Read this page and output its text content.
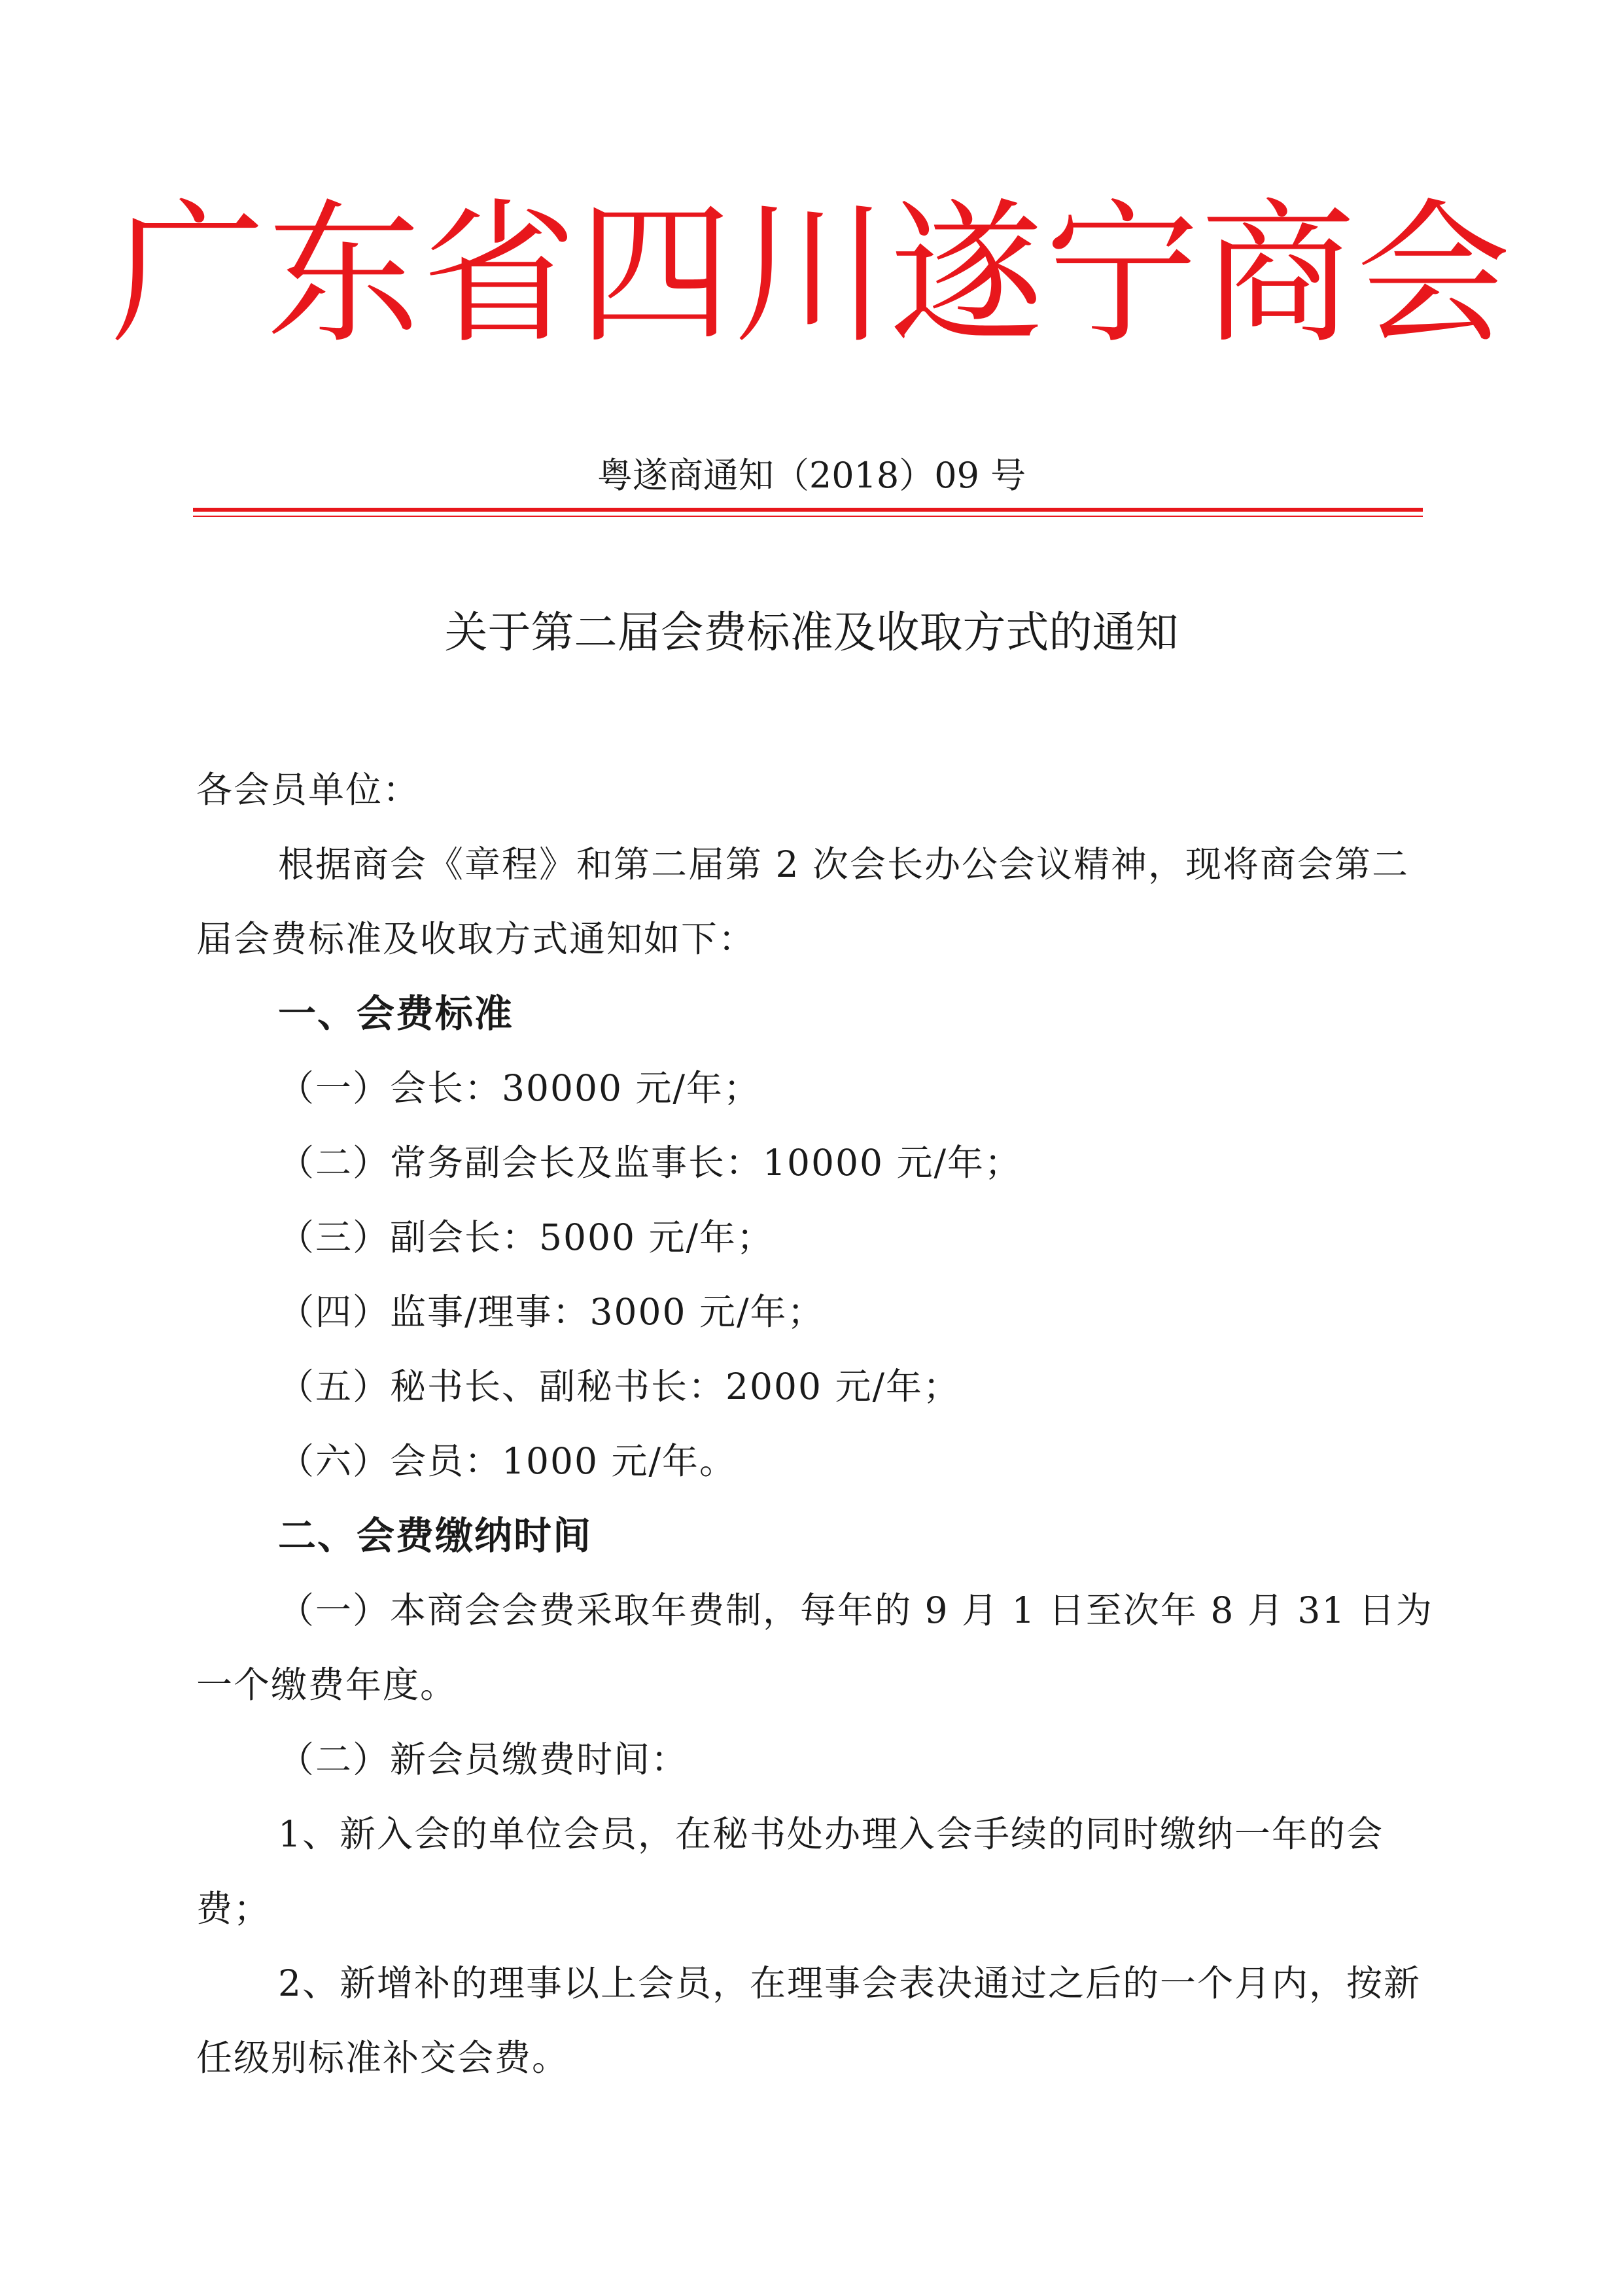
广东省四川遂宁商会
粤遂商通知（2018）09 号
关于第二届会费标准及收取方式的通知

各会员单位：

根据商会《章程》和第二届第 2 次会长办公会议精神，现将商会第二届会费标准及收取方式通知如下：

一、会费标准

（一）会长：30000 元/年；

（二）常务副会长及监事长：10000 元/年；

（三）副会长：5000 元/年；

（四）监事/理事：3000 元/年；

（五）秘书长、副秘书长：2000 元/年；

（六）会员：1000 元/年。

二、会费缴纳时间

（一）本商会会费采取年费制，每年的 9 月 1 日至次年 8 月 31 日为一个缴费年度。

（二）新会员缴费时间：

1、新入会的单位会员，在秘书处办理入会手续的同时缴纳一年的会费；

2、新增补的理事以上会员，在理事会表决通过之后的一个月内，按新任级别标准补交会费。
